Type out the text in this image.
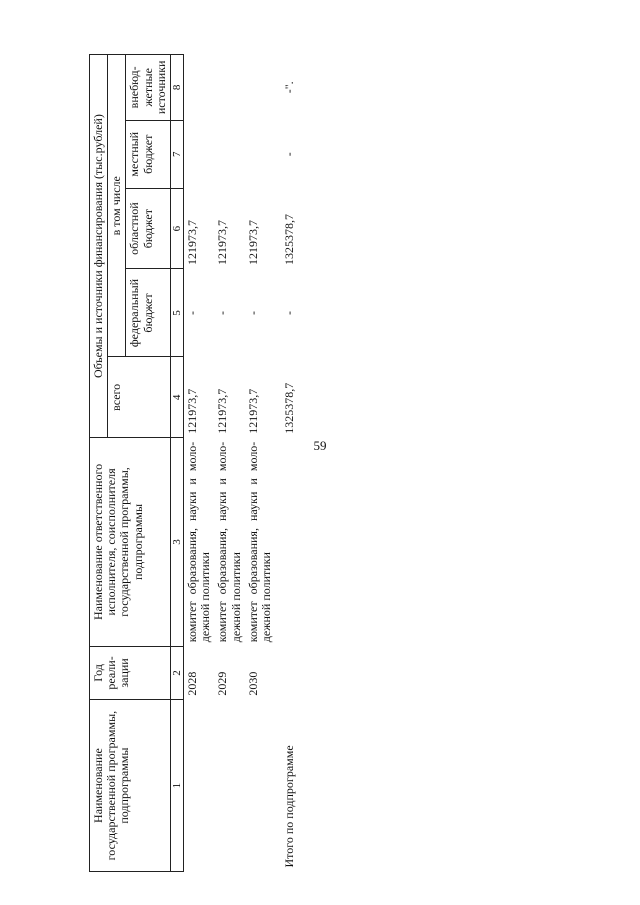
59
Наименование государственной программы, подпрограммы	Год реали-зации	Наименование ответственного исполнителя, соисполнителя государственной программы, подпрограммы	Объемы и источники финансирования (тыс.рублей)				
			всего	в том числе			
				федеральный бюджет	областной бюджет	местный бюджет	внебюд-жетные источники
1	2	3	4	5	6	7	8
	2028	комитет образования, науки и моло-дежной политики	121973,7	-	121973,7		
	2029	комитет образования, науки и моло-дежной политики	121973,7	-	121973,7		
	2030	комитет образования, науки и моло-дежной политики	121973,7	-	121973,7		
Итого по подпрограмме			1325378,7	-	1325378,7	-	-".
